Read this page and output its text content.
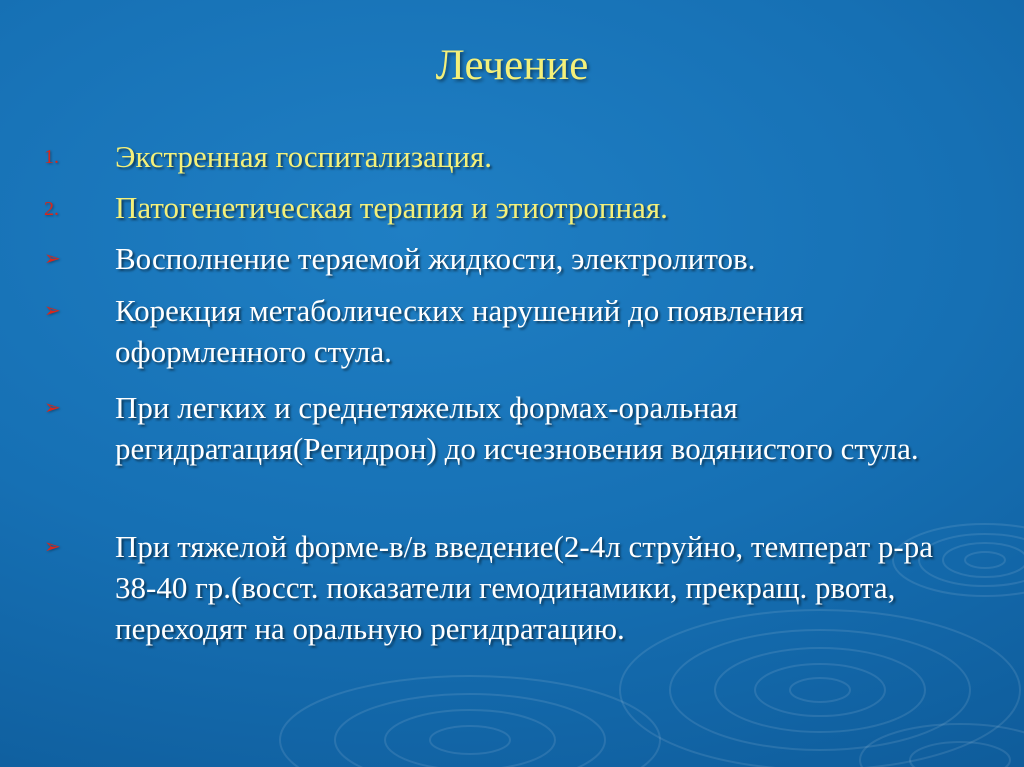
Лечение
1. Экстренная госпитализация.
2. Патогенетическая терапия и этиотропная.
➢ Восполнение теряемой жидкости, электролитов.
➢ Корекция метаболических нарушений до появления оформленного стула.
➢ При легких и среднетяжелых формах-оральная регидратация(Регидрон) до исчезновения водянистого стула.
➢ При тяжелой форме-в/в введение(2-4л струйно, температ р-ра 38-40 гр.(восст. показатели гемодинамики, прекращ. рвота, переходят на оральную регидратацию.
